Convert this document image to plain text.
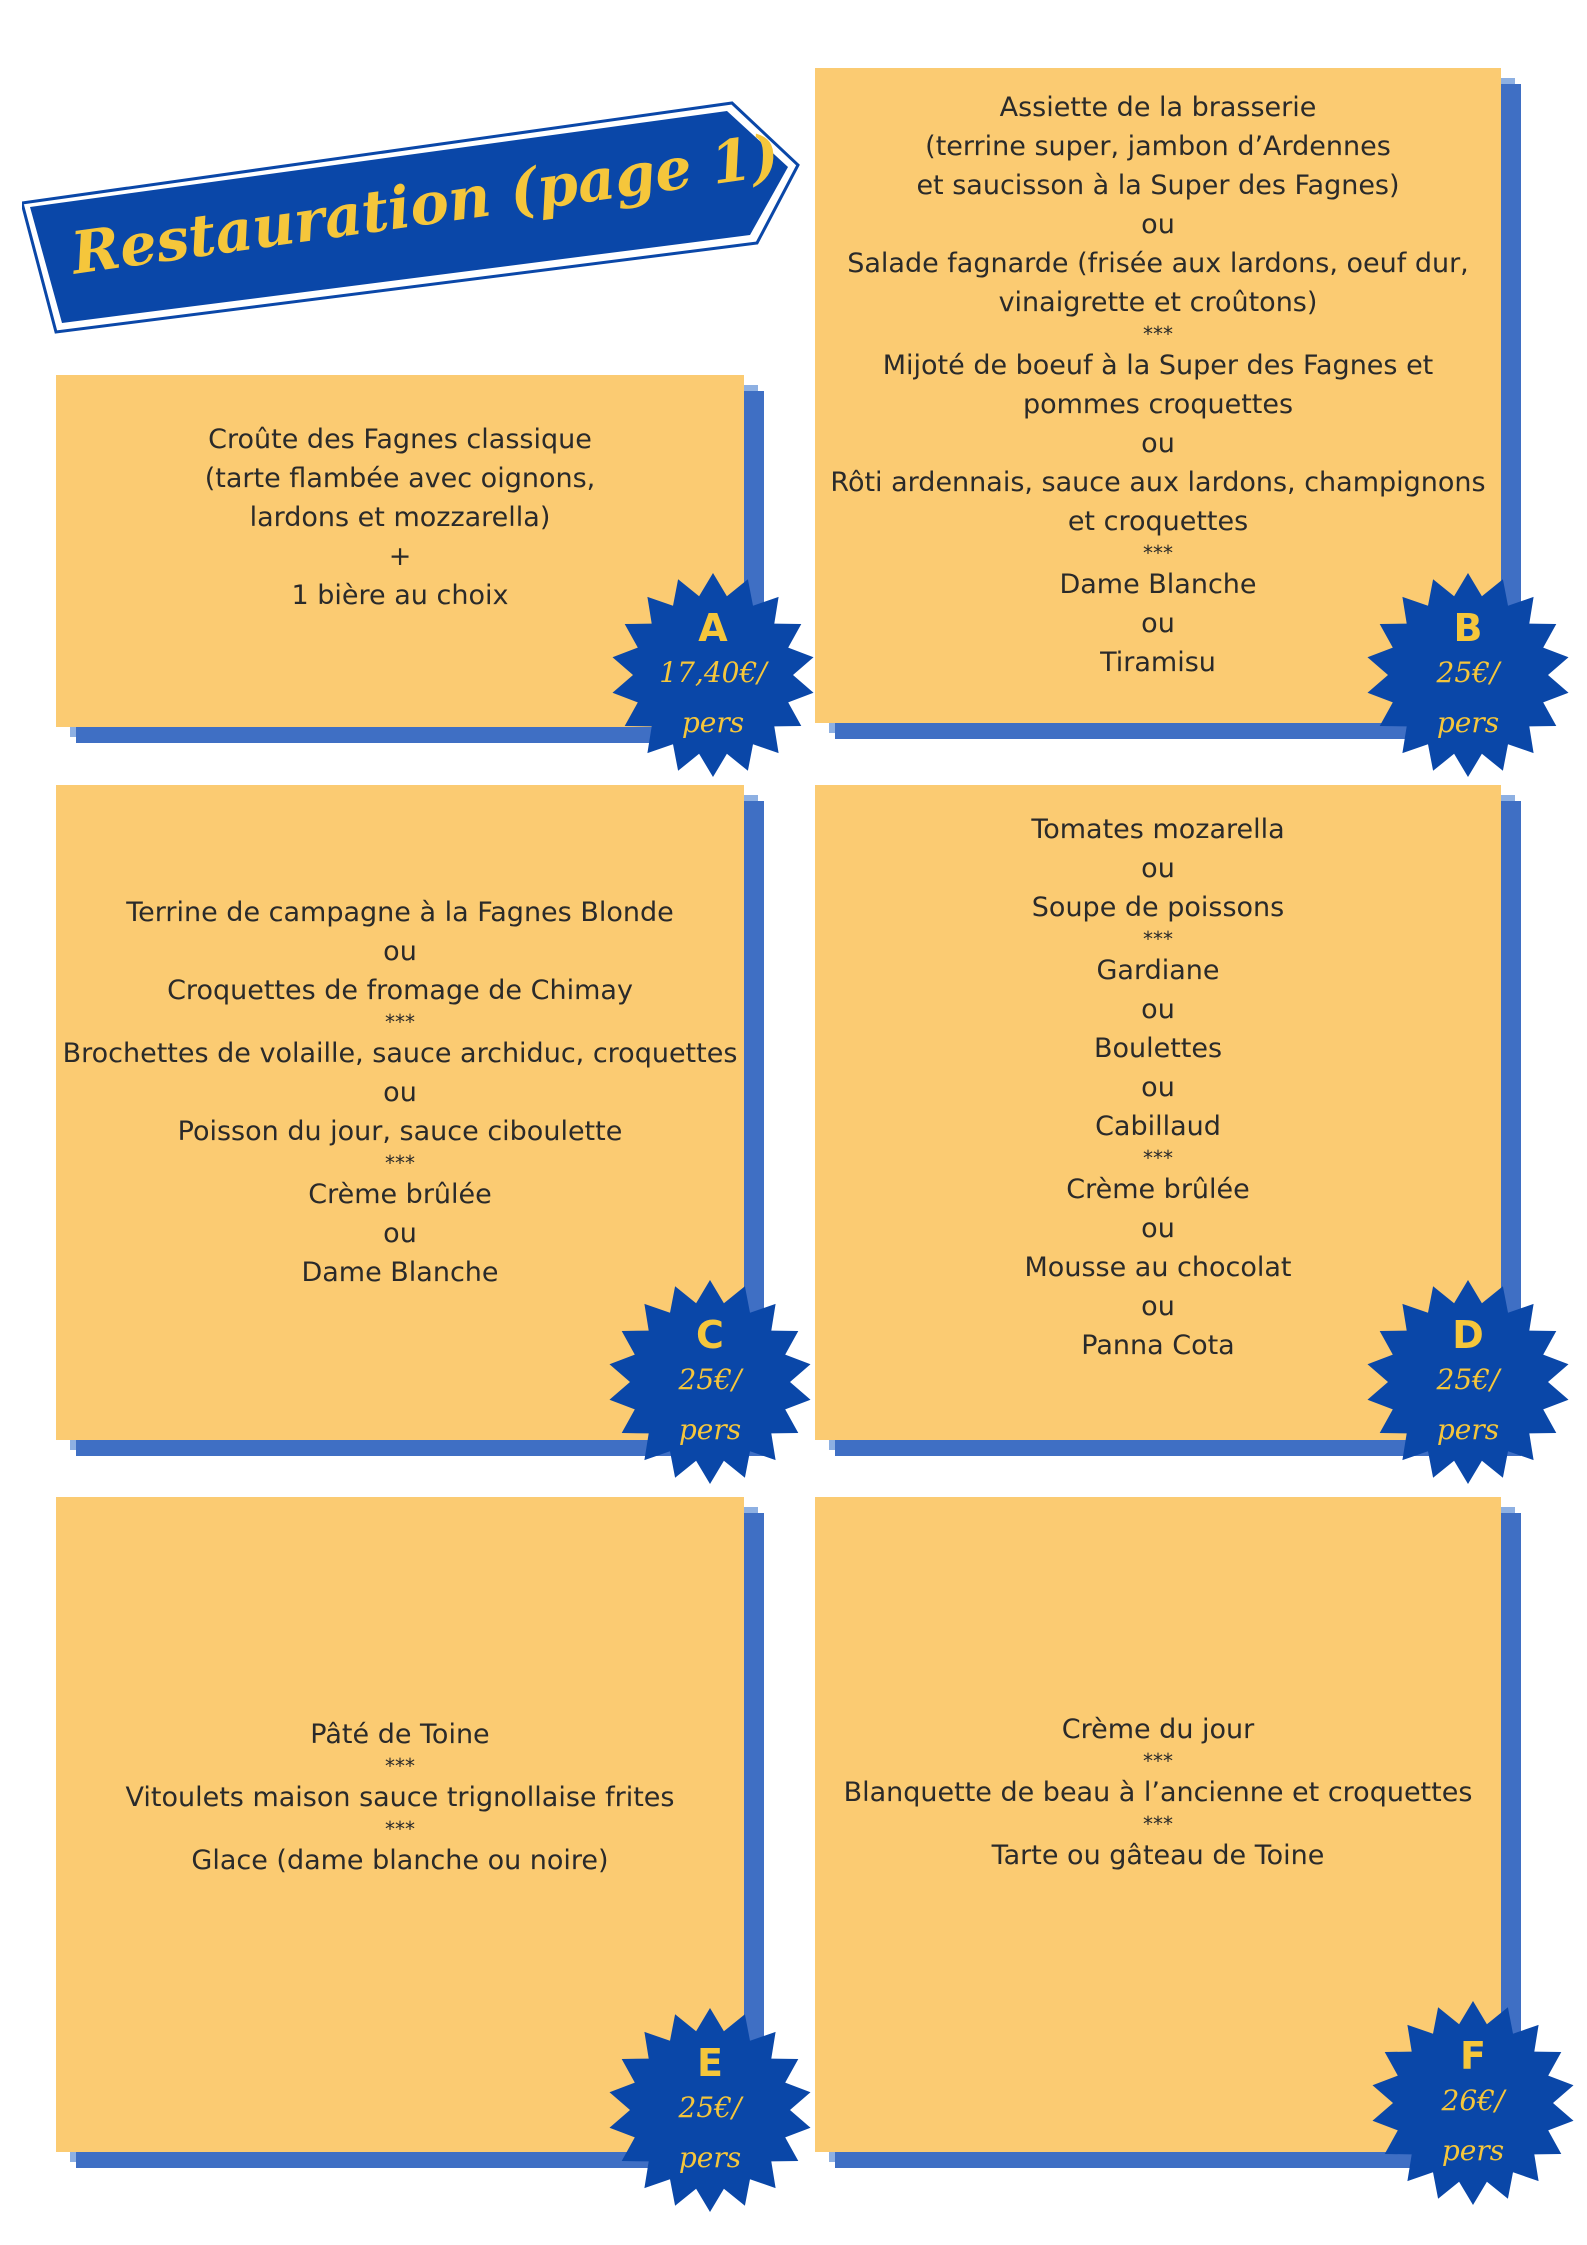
Restauration (page 1)
Croûte des Fagnes classique
(tarte flambée avec oignons,
lardons et mozzarella)
+
1 bière au choix
Assiette de la brasserie
(terrine super, jambon d’Ardennes
et saucisson à la Super des Fagnes)
ou
Salade fagnarde (frisée aux lardons, oeuf dur,
vinaigrette et croûtons)
***
Mijoté de boeuf à la Super des Fagnes et
pommes croquettes
ou
Rôti ardennais, sauce aux lardons, champignons
et croquettes
***
Dame Blanche
ou
Tiramisu
Terrine de campagne à la Fagnes Blonde
ou
Croquettes de fromage de Chimay
***
Brochettes de volaille, sauce archiduc, croquettes
ou
Poisson du jour, sauce ciboulette
***
Crème brûlée
ou
Dame Blanche
Tomates mozarella
ou
Soupe de poissons
***
Gardiane
ou
Boulettes
ou
Cabillaud
***
Crème brûlée
ou
Mousse au chocolat
ou
Panna Cota
Pâté de Toine
***
Vitoulets maison sauce trignollaise frites
***
Glace (dame blanche ou noire)
Crème du jour
***
Blanquette de beau à l’ancienne et croquettes
***
Tarte ou gâteau de Toine
A
17,40€/
pers
B
25€/
pers
C
25€/
pers
D
25€/
pers
E
25€/
pers
F
26€/
pers
